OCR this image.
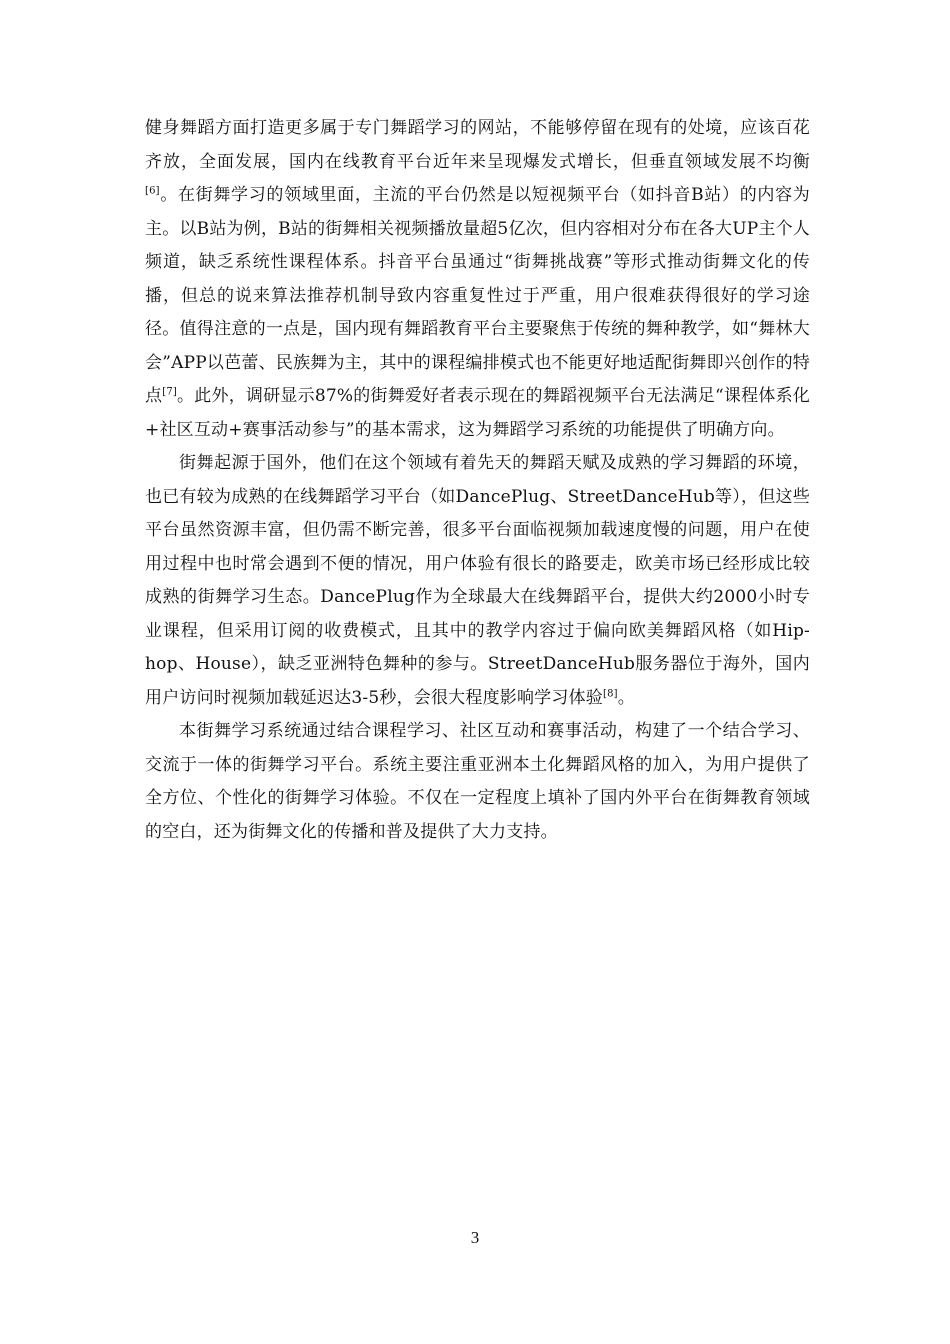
健身舞蹈方面打造更多属于专门舞蹈学习的网站，不能够停留在现有的处境，应该百花齐放，全面发展，国内在线教育平台近年来呈现爆发式增长，但垂直领域发展不均衡[6]。在街舞学习的领域里面，主流的平台仍然是以短视频平台（如抖音B站）的内容为主。以B站为例，B站的街舞相关视频播放量超5亿次，但内容相对分布在各大UP主个人频道，缺乏系统性课程体系。抖音平台虽通过“街舞挑战赛”等形式推动街舞文化的传播，但总的说来算法推荐机制导致内容重复性过于严重，用户很难获得很好的学习途径。值得注意的一点是，国内现有舞蹈教育平台主要聚焦于传统的舞种教学，如“舞林大会”APP以芭蕾、民族舞为主，其中的课程编排模式也不能更好地适配街舞即兴创作的特点[7]。此外，调研显示87%的街舞爱好者表示现在的舞蹈视频平台无法满足“课程体系化+社区互动+赛事活动参与”的基本需求，这为舞蹈学习系统的功能提供了明确方向。

街舞起源于国外，他们在这个领域有着先天的舞蹈天赋及成熟的学习舞蹈的环境，也已有较为成熟的在线舞蹈学习平台（如DancePlug、StreetDanceHub等），但这些平台虽然资源丰富，但仍需不断完善，很多平台面临视频加载速度慢的问题，用户在使用过程中也时常会遇到不便的情况，用户体验有很长的路要走，欧美市场已经形成比较成熟的街舞学习生态。DancePlug作为全球最大在线舞蹈平台，提供大约2000小时专业课程，但采用订阅的收费模式，且其中的教学内容过于偏向欧美舞蹈风格（如Hip-hop、House），缺乏亚洲特色舞种的参与。StreetDanceHub服务器位于海外，国内用户访问时视频加载延迟达3-5秒，会很大程度影响学习体验[8]。

本街舞学习系统通过结合课程学习、社区互动和赛事活动，构建了一个结合学习、交流于一体的街舞学习平台。系统主要注重亚洲本土化舞蹈风格的加入，为用户提供了全方位、个性化的街舞学习体验。不仅在一定程度上填补了国内外平台在街舞教育领域的空白，还为街舞文化的传播和普及提供了大力支持。

3
